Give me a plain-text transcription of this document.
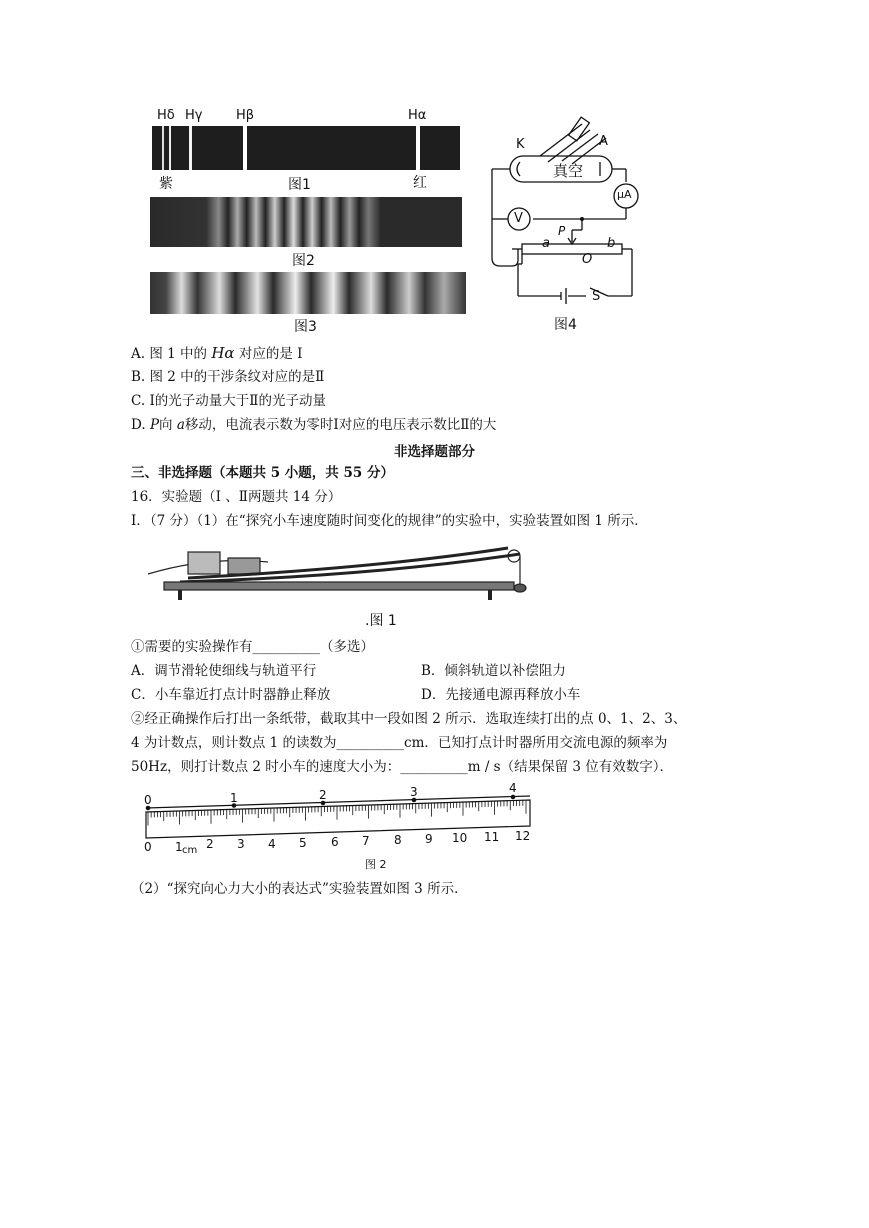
Hδ Hγ	Hβ	Hα
紫	图1	红
图2
图3
K	A
真空
μA
V
P
a	b
O
S
图4
A. 图 1 中的 Hα 对应的是 Ⅰ
B. 图 2 中的干涉条纹对应的是Ⅱ
C. Ⅰ的光子动量大于Ⅱ的光子动量
D. P向 a移动，电流表示数为零时Ⅰ对应的电压表示数比Ⅱ的大
非选择题部分
三、非选择题（本题共 5 小题，共 55 分）
16．实验题（Ⅰ 、Ⅱ两题共 14 分）
Ⅰ．（7 分）（1）在“探究小车速度随时间变化的规律”的实验中，实验装置如图 1 所示．
.图 1
①需要的实验操作有__________（多选）
A．调节滑轮使细线与轨道平行	B．倾斜轨道以补偿阻力
C．小车靠近打点计时器静止释放	D．先接通电源再释放小车
②经正确操作后打出一条纸带，截取其中一段如图 2 所示．选取连续打出的点 0、1、2、3、
4 为计数点，则计数点 1 的读数为__________cm．已知打点计时器所用交流电源的频率为
50Hz，则打计数点 2 时小车的速度大小为：__________m / s（结果保留 3 位有效数字）．
0 1 2 3 4 5 6 7 8 9 10 11 12
cm
0	1	2	3	4
图 2
（2）“探究向心力大小的表达式”实验装置如图 3 所示．
